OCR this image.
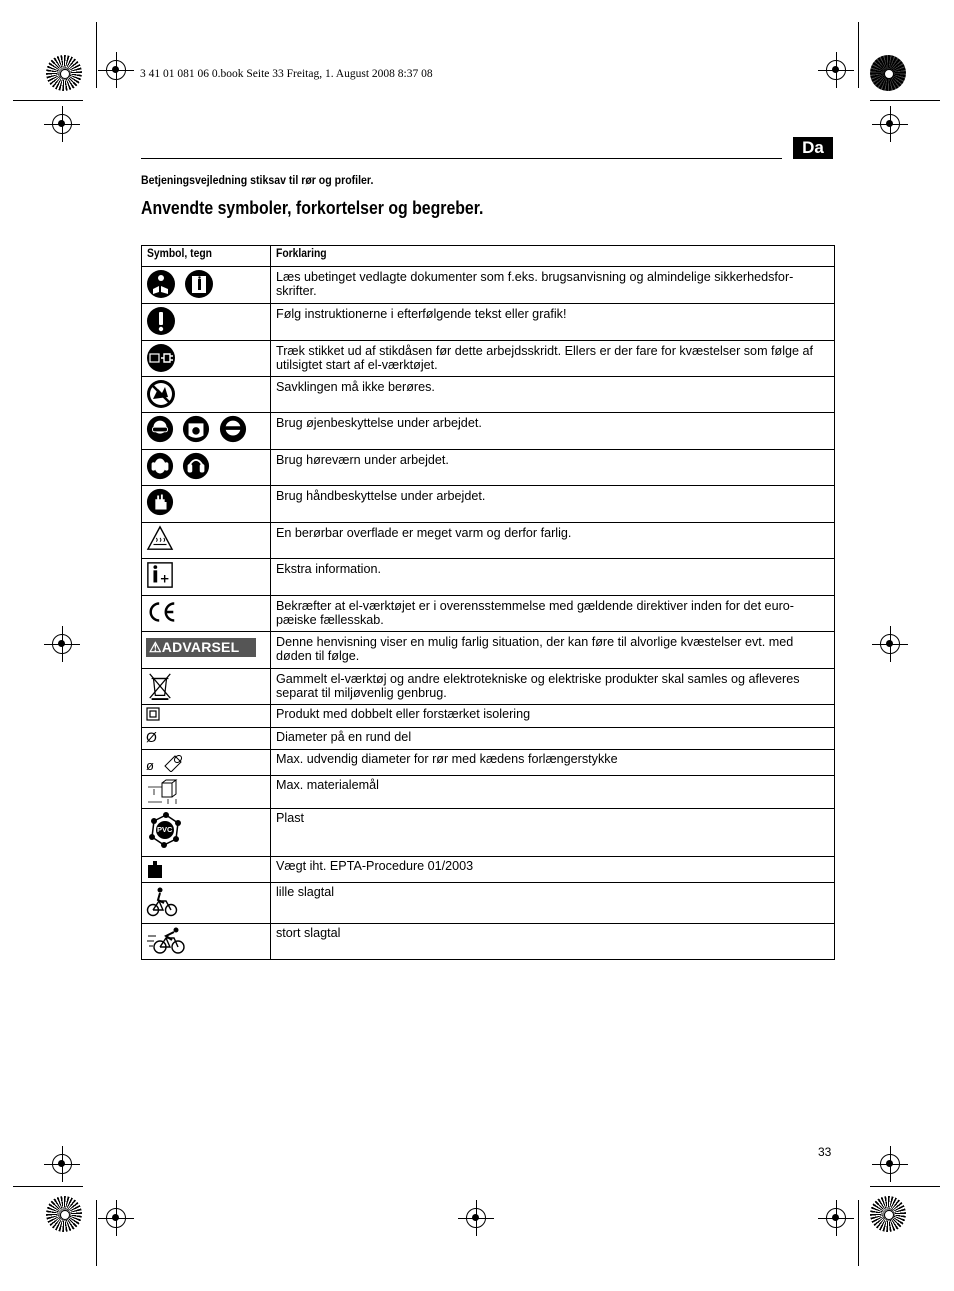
3 41 01 081 06 0.book Seite 33 Freitag, 1. August 2008 8:37 08
Da
Betjeningsvejledning stiksav til rør og profiler.
Anvendte symboler, forkortelser og begreber.
Symbol, tegn	Forklaring
	Læs ubetinget vedlagte dokumenter som f.eks. brugsanvisning og almindelige sikkerhedsforskrifter.
	Følg instruktionerne i efterfølgende tekst eller grafik!
	Træk stikket ud af stikdåsen før dette arbejdsskridt. Ellers er der fare for kvæstelser som følge af utilsigtet start af el-værktøjet.
	Savklingen må ikke berøres.
	Brug øjenbeskyttelse under arbejdet.
	Brug høreværn under arbejdet.
	Brug håndbeskyttelse under arbejdet.
	En berørbar overflade er meget varm og derfor farlig.
	Ekstra information.
	Bekræfter at el-værktøjet er i overensstemmelse med gældende direktiver inden for det europæiske fællesskab.
⚠ADVARSEL	Denne henvisning viser en mulig farlig situation, der kan føre til alvorlige kvæstelser evt. med døden til følge.
	Gammelt el-værktøj og andre elektrotekniske og elektriske produkter skal samles og afleveres separat til miljøvenlig genbrug.
	Produkt med dobbelt eller forstærket isolering
Ø	Diameter på en rund del
$^ø$	Max. udvendig diameter for rør med kædens forlængerstykke
	Max. materialemål

PVC	Plast
	Vægt iht. EPTA-Procedure 01/2003
	lille slagtal
	stort slagtal
33
